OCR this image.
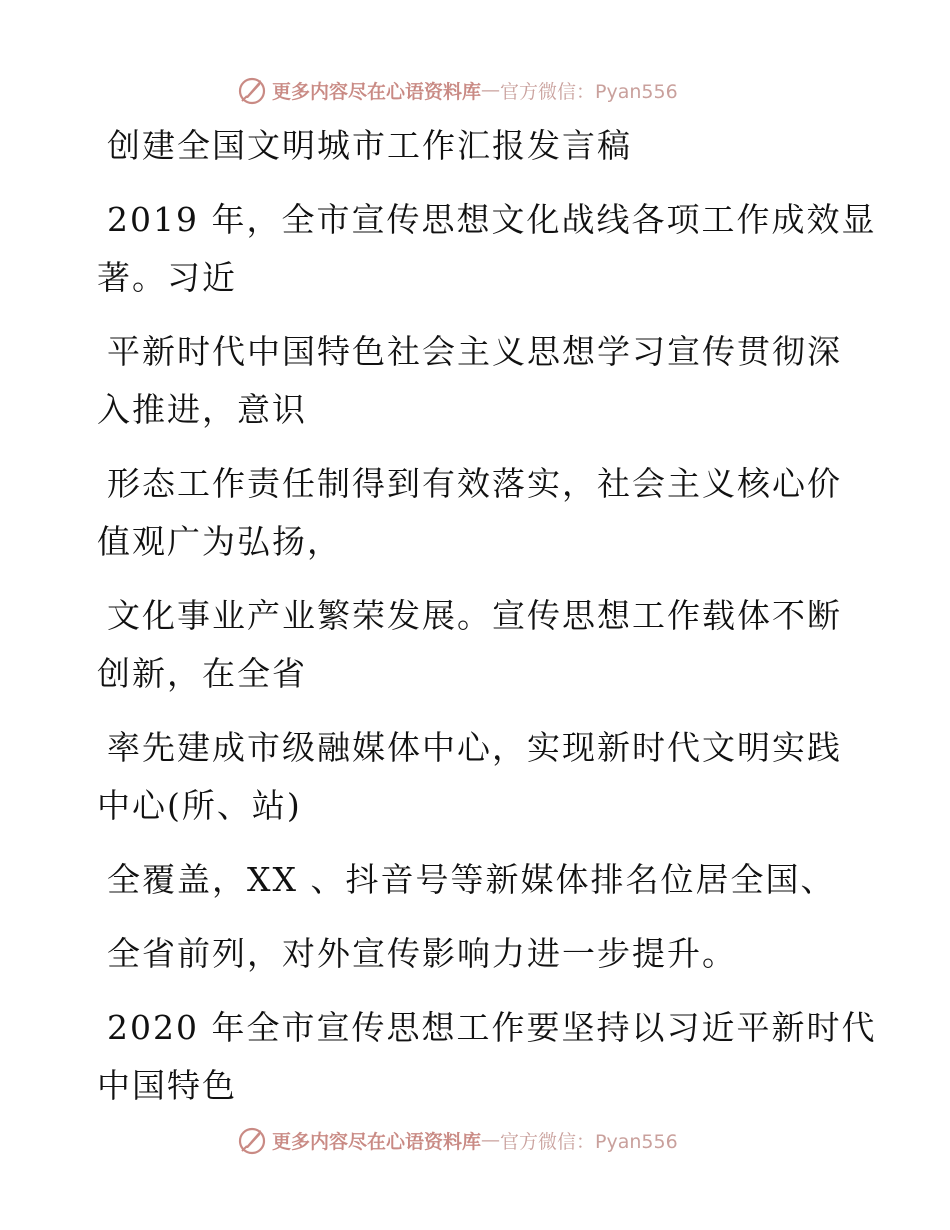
更多内容尽在心语资料库 — 官方微信：Pyan556
创建全国文明城市工作汇报发言稿
2019 年，全市宣传思想文化战线各项工作成效显
著。习近
平新时代中国特色社会主义思想学习宣传贯彻深
入推进，意识
形态工作责任制得到有效落实，社会主义核心价
值观广为弘扬，
文化事业产业繁荣发展。宣传思想工作载体不断
创新，在全省
率先建成市级融媒体中心，实现新时代文明实践
中心(所、站)
全覆盖，XX 、抖音号等新媒体排名位居全国、
全省前列，对外宣传影响力进一步提升。
2020 年全市宣传思想工作要坚持以习近平新时代
中国特色
更多内容尽在心语资料库 — 官方微信：Pyan556
